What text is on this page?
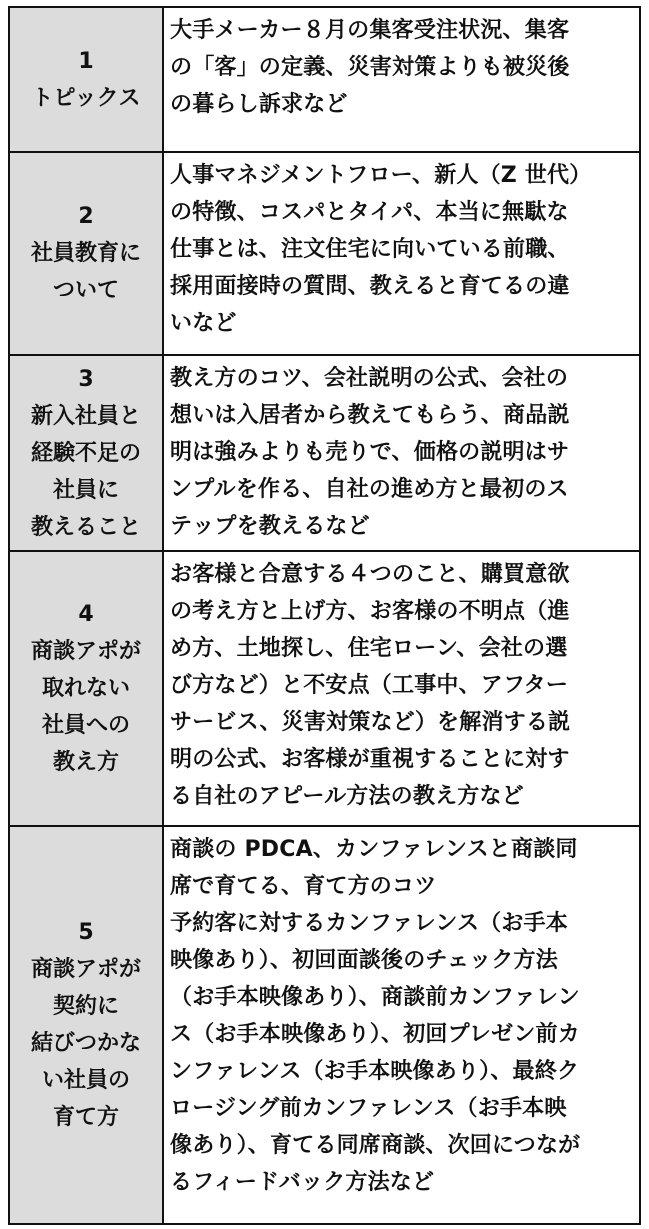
1
トピックス
大手メーカー８月の集客受注状況、集客
の「客」の定義、災害対策よりも被災後
の暮らし訴求など
2
社員教育に
ついて
人事マネジメントフロー、新人（Z 世代）
の特徴、コスパとタイパ、本当に無駄な
仕事とは、注文住宅に向いている前職、
採用面接時の質問、教えると育てるの違
いなど
3
新入社員と
経験不足の
社員に
教えること
教え方のコツ、会社説明の公式、会社の
想いは入居者から教えてもらう、商品説
明は強みよりも売りで、価格の説明はサ
ンプルを作る、自社の進め方と最初のス
テップを教えるなど
4
商談アポが
取れない
社員への
教え方
お客様と合意する４つのこと、購買意欲
の考え方と上げ方、お客様の不明点（進
め方、土地探し、住宅ローン、会社の選
び方など）と不安点（工事中、アフター
サービス、災害対策など）を解消する説
明の公式、お客様が重視することに対す
る自社のアピール方法の教え方など
5
商談アポが
契約に
結びつかな
い社員の
育て方
商談の PDCA、カンファレンスと商談同
席で育てる、育て方のコツ
予約客に対するカンファレンス（お手本
映像あり）、初回面談後のチェック方法
（お手本映像あり）、商談前カンファレン
ス（お手本映像あり）、初回プレゼン前カ
ンファレンス（お手本映像あり）、最終ク
ロージング前カンファレンス（お手本映
像あり）、育てる同席商談、次回につなが
るフィードバック方法など
